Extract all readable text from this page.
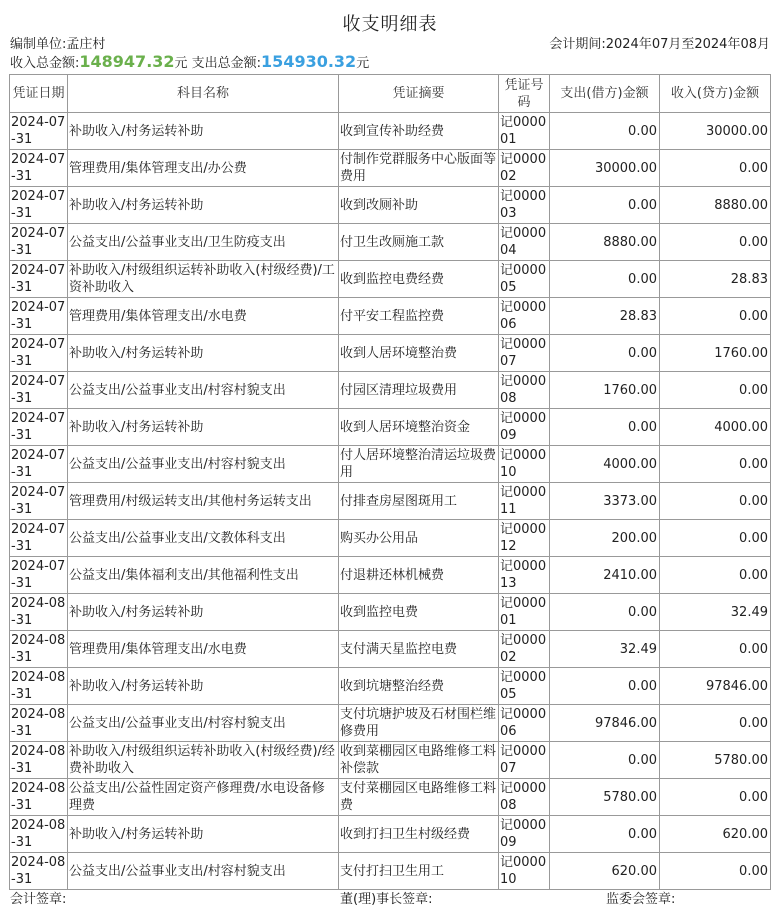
收支明细表
编制单位:孟庄村	会计期间:2024年07月至2024年08月
收入总金额:148947.32元 支出总金额:154930.32元
凭证日期	科目名称	凭证摘要	凭证号码	支出(借方)金额	收入(贷方)金额
2024-07-31	补助收入/村务运转补助	收到宣传补助经费	记000001	0.00	30000.00
2024-07-31	管理费用/集体管理支出/办公费	付制作党群服务中心版面等费用	记000002	30000.00	0.00
2024-07-31	补助收入/村务运转补助	收到改厕补助	记000003	0.00	8880.00
2024-07-31	公益支出/公益事业支出/卫生防疫支出	付卫生改厕施工款	记000004	8880.00	0.00
2024-07-31	补助收入/村级组织运转补助收入(村级经费)/工资补助收入	收到监控电费经费	记000005	0.00	28.83
2024-07-31	管理费用/集体管理支出/水电费	付平安工程监控费	记000006	28.83	0.00
2024-07-31	补助收入/村务运转补助	收到人居环境整治费	记000007	0.00	1760.00
2024-07-31	公益支出/公益事业支出/村容村貌支出	付园区清理垃圾费用	记000008	1760.00	0.00
2024-07-31	补助收入/村务运转补助	收到人居环境整治资金	记000009	0.00	4000.00
2024-07-31	公益支出/公益事业支出/村容村貌支出	付人居环境整治清运垃圾费用	记000010	4000.00	0.00
2024-07-31	管理费用/村级运转支出/其他村务运转支出	付排查房屋图斑用工	记000011	3373.00	0.00
2024-07-31	公益支出/公益事业支出/文教体科支出	购买办公用品	记000012	200.00	0.00
2024-07-31	公益支出/集体福利支出/其他福利性支出	付退耕还林机械费	记000013	2410.00	0.00
2024-08-31	补助收入/村务运转补助	收到监控电费	记000001	0.00	32.49
2024-08-31	管理费用/集体管理支出/水电费	支付满天星监控电费	记000002	32.49	0.00
2024-08-31	补助收入/村务运转补助	收到坑塘整治经费	记000005	0.00	97846.00
2024-08-31	公益支出/公益事业支出/村容村貌支出	支付坑塘护坡及石材围栏维修费用	记000006	97846.00	0.00
2024-08-31	补助收入/村级组织运转补助收入(村级经费)/经费补助收入	收到菜棚园区电路维修工料补偿款	记000007	0.00	5780.00
2024-08-31	公益支出/公益性固定资产修理费/水电设备修理费	支付菜棚园区电路维修工料费	记000008	5780.00	0.00
2024-08-31	补助收入/村务运转补助	收到打扫卫生村级经费	记000009	0.00	620.00
2024-08-31	公益支出/公益事业支出/村容村貌支出	支付打扫卫生用工	记000010	620.00	0.00
会计签章:	董(理)事长签章:	监委会签章:
